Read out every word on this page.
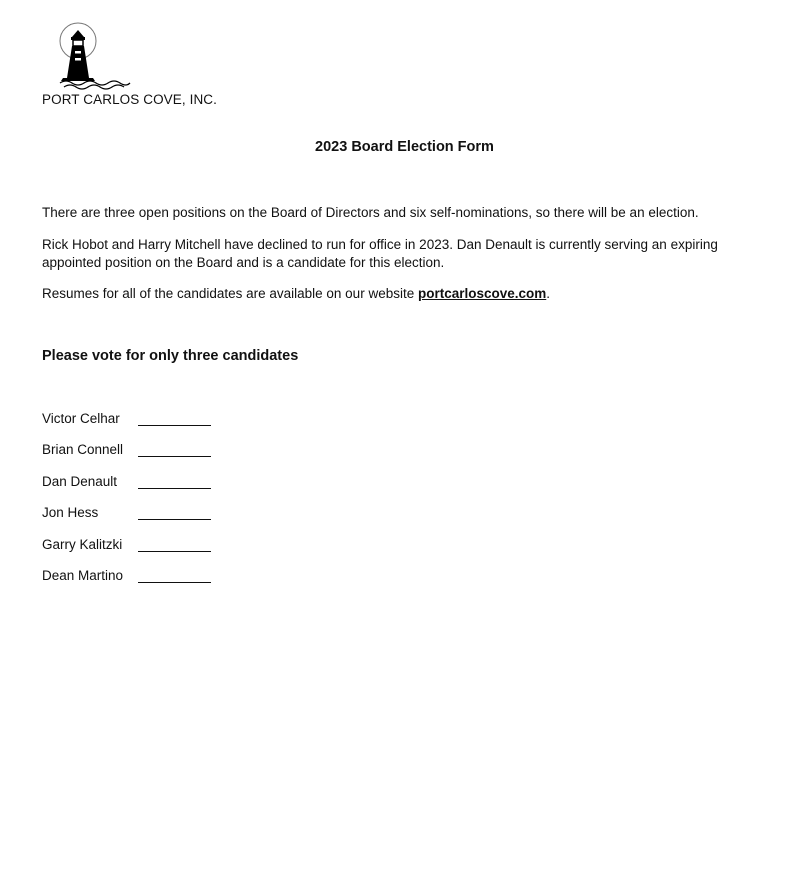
PORT CARLOS COVE, INC.
2023 Board Election Form
There are three open positions on the Board of Directors and six self-nominations, so there will be an election.
Rick Hobot and Harry Mitchell have declined to run for office in 2023. Dan Denault is currently serving an expiring appointed position on the Board and is a candidate for this election.
Resumes for all of the candidates are available on our website portcarloscove.com.
Please vote for only three candidates
Victor Celhar
Brian Connell
Dan Denault
Jon Hess
Garry Kalitzki
Dean Martino
